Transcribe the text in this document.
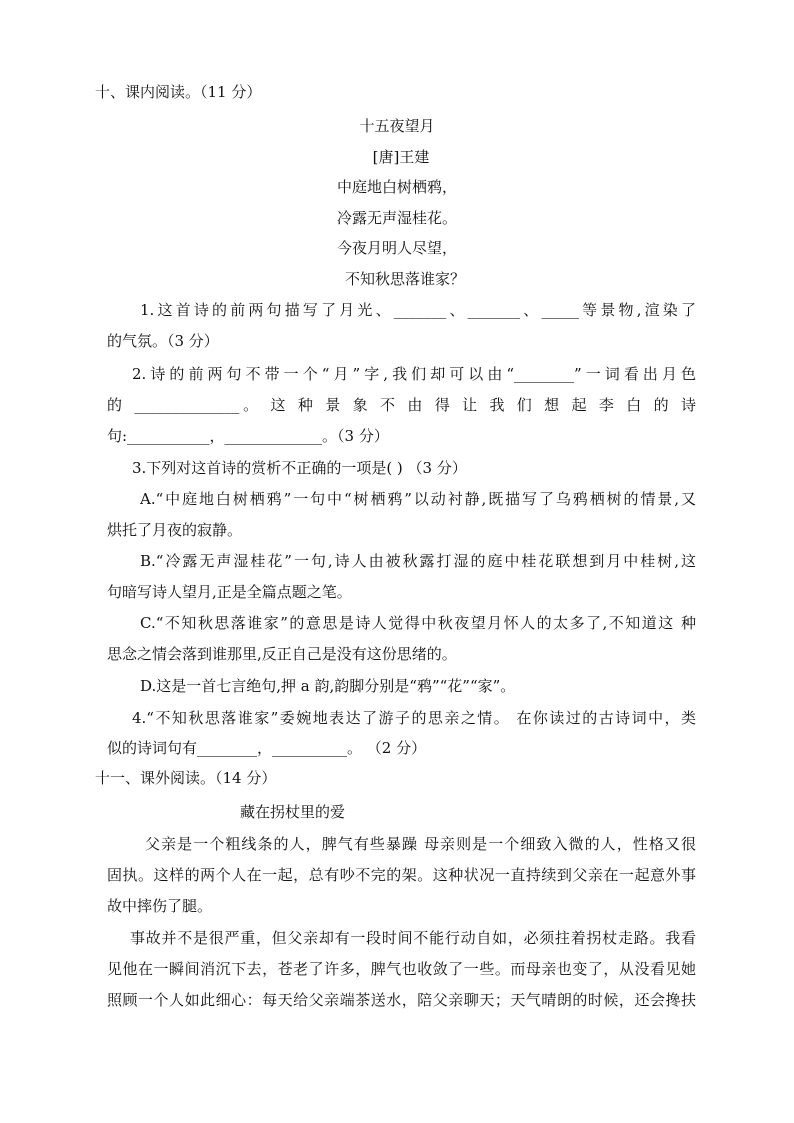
十、课内阅读。（11 分）
十五夜望月
[唐]王建
中庭地白树栖鸦，
冷露无声湿桂花。
今夜月明人尽望，
不知秋思落谁家？
1.这首诗的前两句描写了月光、_______、_______、_____等景物,渲染了
的气氛。（3 分）
2.诗的前两句不带一个“月”字,我们却可以由“________”一词看出月色
的 ______________。 这 种 景 象 不 由 得 让 我 们 想 起 李 白 的 诗
句:___________，_____________。（3 分）
3.下列对这首诗的赏析不正确的一项是( ) （3 分）
A.“中庭地白树栖鸦”一句中“树栖鸦”以动衬静,既描写了乌鸦栖树的情景,又
烘托了月夜的寂静。
B.“冷露无声湿桂花”一句,诗人由被秋露打湿的庭中桂花联想到月中桂树,这
句暗写诗人望月,正是全篇点题之笔。
C.“不知秋思落谁家”的意思是诗人觉得中秋夜望月怀人的太多了,不知道这 种
思念之情会落到谁那里,反正自己是没有这份思绪的。
D.这是一首七言绝句,押 a 韵,韵脚分别是“鸦”“花”“家”。
4.“不知秋思落谁家”委婉地表达了游子的思亲之情。 在你读过的古诗词中，类
似的诗词句有________，__________。 （2 分）
十一、课外阅读。（14 分）
藏在拐杖里的爱
父亲是一个粗线条的人，脾气有些暴躁 母亲则是一个细致入微的人，性格又很
固执。这样的两个人在一起，总有吵不完的架。这种状况一直持续到父亲在一起意外事
故中摔伤了腿。
事故并不是很严重，但父亲却有一段时间不能行动自如，必须拄着拐杖走路。我看
见他在一瞬间消沉下去，苍老了许多，脾气也收敛了一些。而母亲也变了，从没看见她
照顾一个人如此细心：每天给父亲端茶送水，陪父亲聊天；天气晴朗的时候，还会搀扶
